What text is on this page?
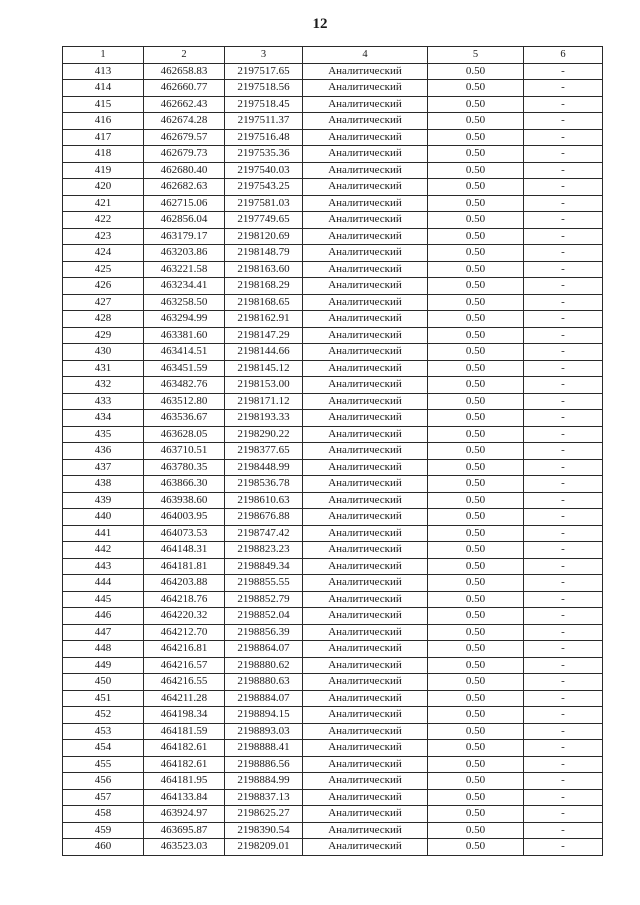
12
1	2	3	4	5	6
413	462658.83	2197517.65	Аналитический	0.50	-
414	462660.77	2197518.56	Аналитический	0.50	-
415	462662.43	2197518.45	Аналитический	0.50	-
416	462674.28	2197511.37	Аналитический	0.50	-
417	462679.57	2197516.48	Аналитический	0.50	-
418	462679.73	2197535.36	Аналитический	0.50	-
419	462680.40	2197540.03	Аналитический	0.50	-
420	462682.63	2197543.25	Аналитический	0.50	-
421	462715.06	2197581.03	Аналитический	0.50	-
422	462856.04	2197749.65	Аналитический	0.50	-
423	463179.17	2198120.69	Аналитический	0.50	-
424	463203.86	2198148.79	Аналитический	0.50	-
425	463221.58	2198163.60	Аналитический	0.50	-
426	463234.41	2198168.29	Аналитический	0.50	-
427	463258.50	2198168.65	Аналитический	0.50	-
428	463294.99	2198162.91	Аналитический	0.50	-
429	463381.60	2198147.29	Аналитический	0.50	-
430	463414.51	2198144.66	Аналитический	0.50	-
431	463451.59	2198145.12	Аналитический	0.50	-
432	463482.76	2198153.00	Аналитический	0.50	-
433	463512.80	2198171.12	Аналитический	0.50	-
434	463536.67	2198193.33	Аналитический	0.50	-
435	463628.05	2198290.22	Аналитический	0.50	-
436	463710.51	2198377.65	Аналитический	0.50	-
437	463780.35	2198448.99	Аналитический	0.50	-
438	463866.30	2198536.78	Аналитический	0.50	-
439	463938.60	2198610.63	Аналитический	0.50	-
440	464003.95	2198676.88	Аналитический	0.50	-
441	464073.53	2198747.42	Аналитический	0.50	-
442	464148.31	2198823.23	Аналитический	0.50	-
443	464181.81	2198849.34	Аналитический	0.50	-
444	464203.88	2198855.55	Аналитический	0.50	-
445	464218.76	2198852.79	Аналитический	0.50	-
446	464220.32	2198852.04	Аналитический	0.50	-
447	464212.70	2198856.39	Аналитический	0.50	-
448	464216.81	2198864.07	Аналитический	0.50	-
449	464216.57	2198880.62	Аналитический	0.50	-
450	464216.55	2198880.63	Аналитический	0.50	-
451	464211.28	2198884.07	Аналитический	0.50	-
452	464198.34	2198894.15	Аналитический	0.50	-
453	464181.59	2198893.03	Аналитический	0.50	-
454	464182.61	2198888.41	Аналитический	0.50	-
455	464182.61	2198886.56	Аналитический	0.50	-
456	464181.95	2198884.99	Аналитический	0.50	-
457	464133.84	2198837.13	Аналитический	0.50	-
458	463924.97	2198625.27	Аналитический	0.50	-
459	463695.87	2198390.54	Аналитический	0.50	-
460	463523.03	2198209.01	Аналитический	0.50	-
